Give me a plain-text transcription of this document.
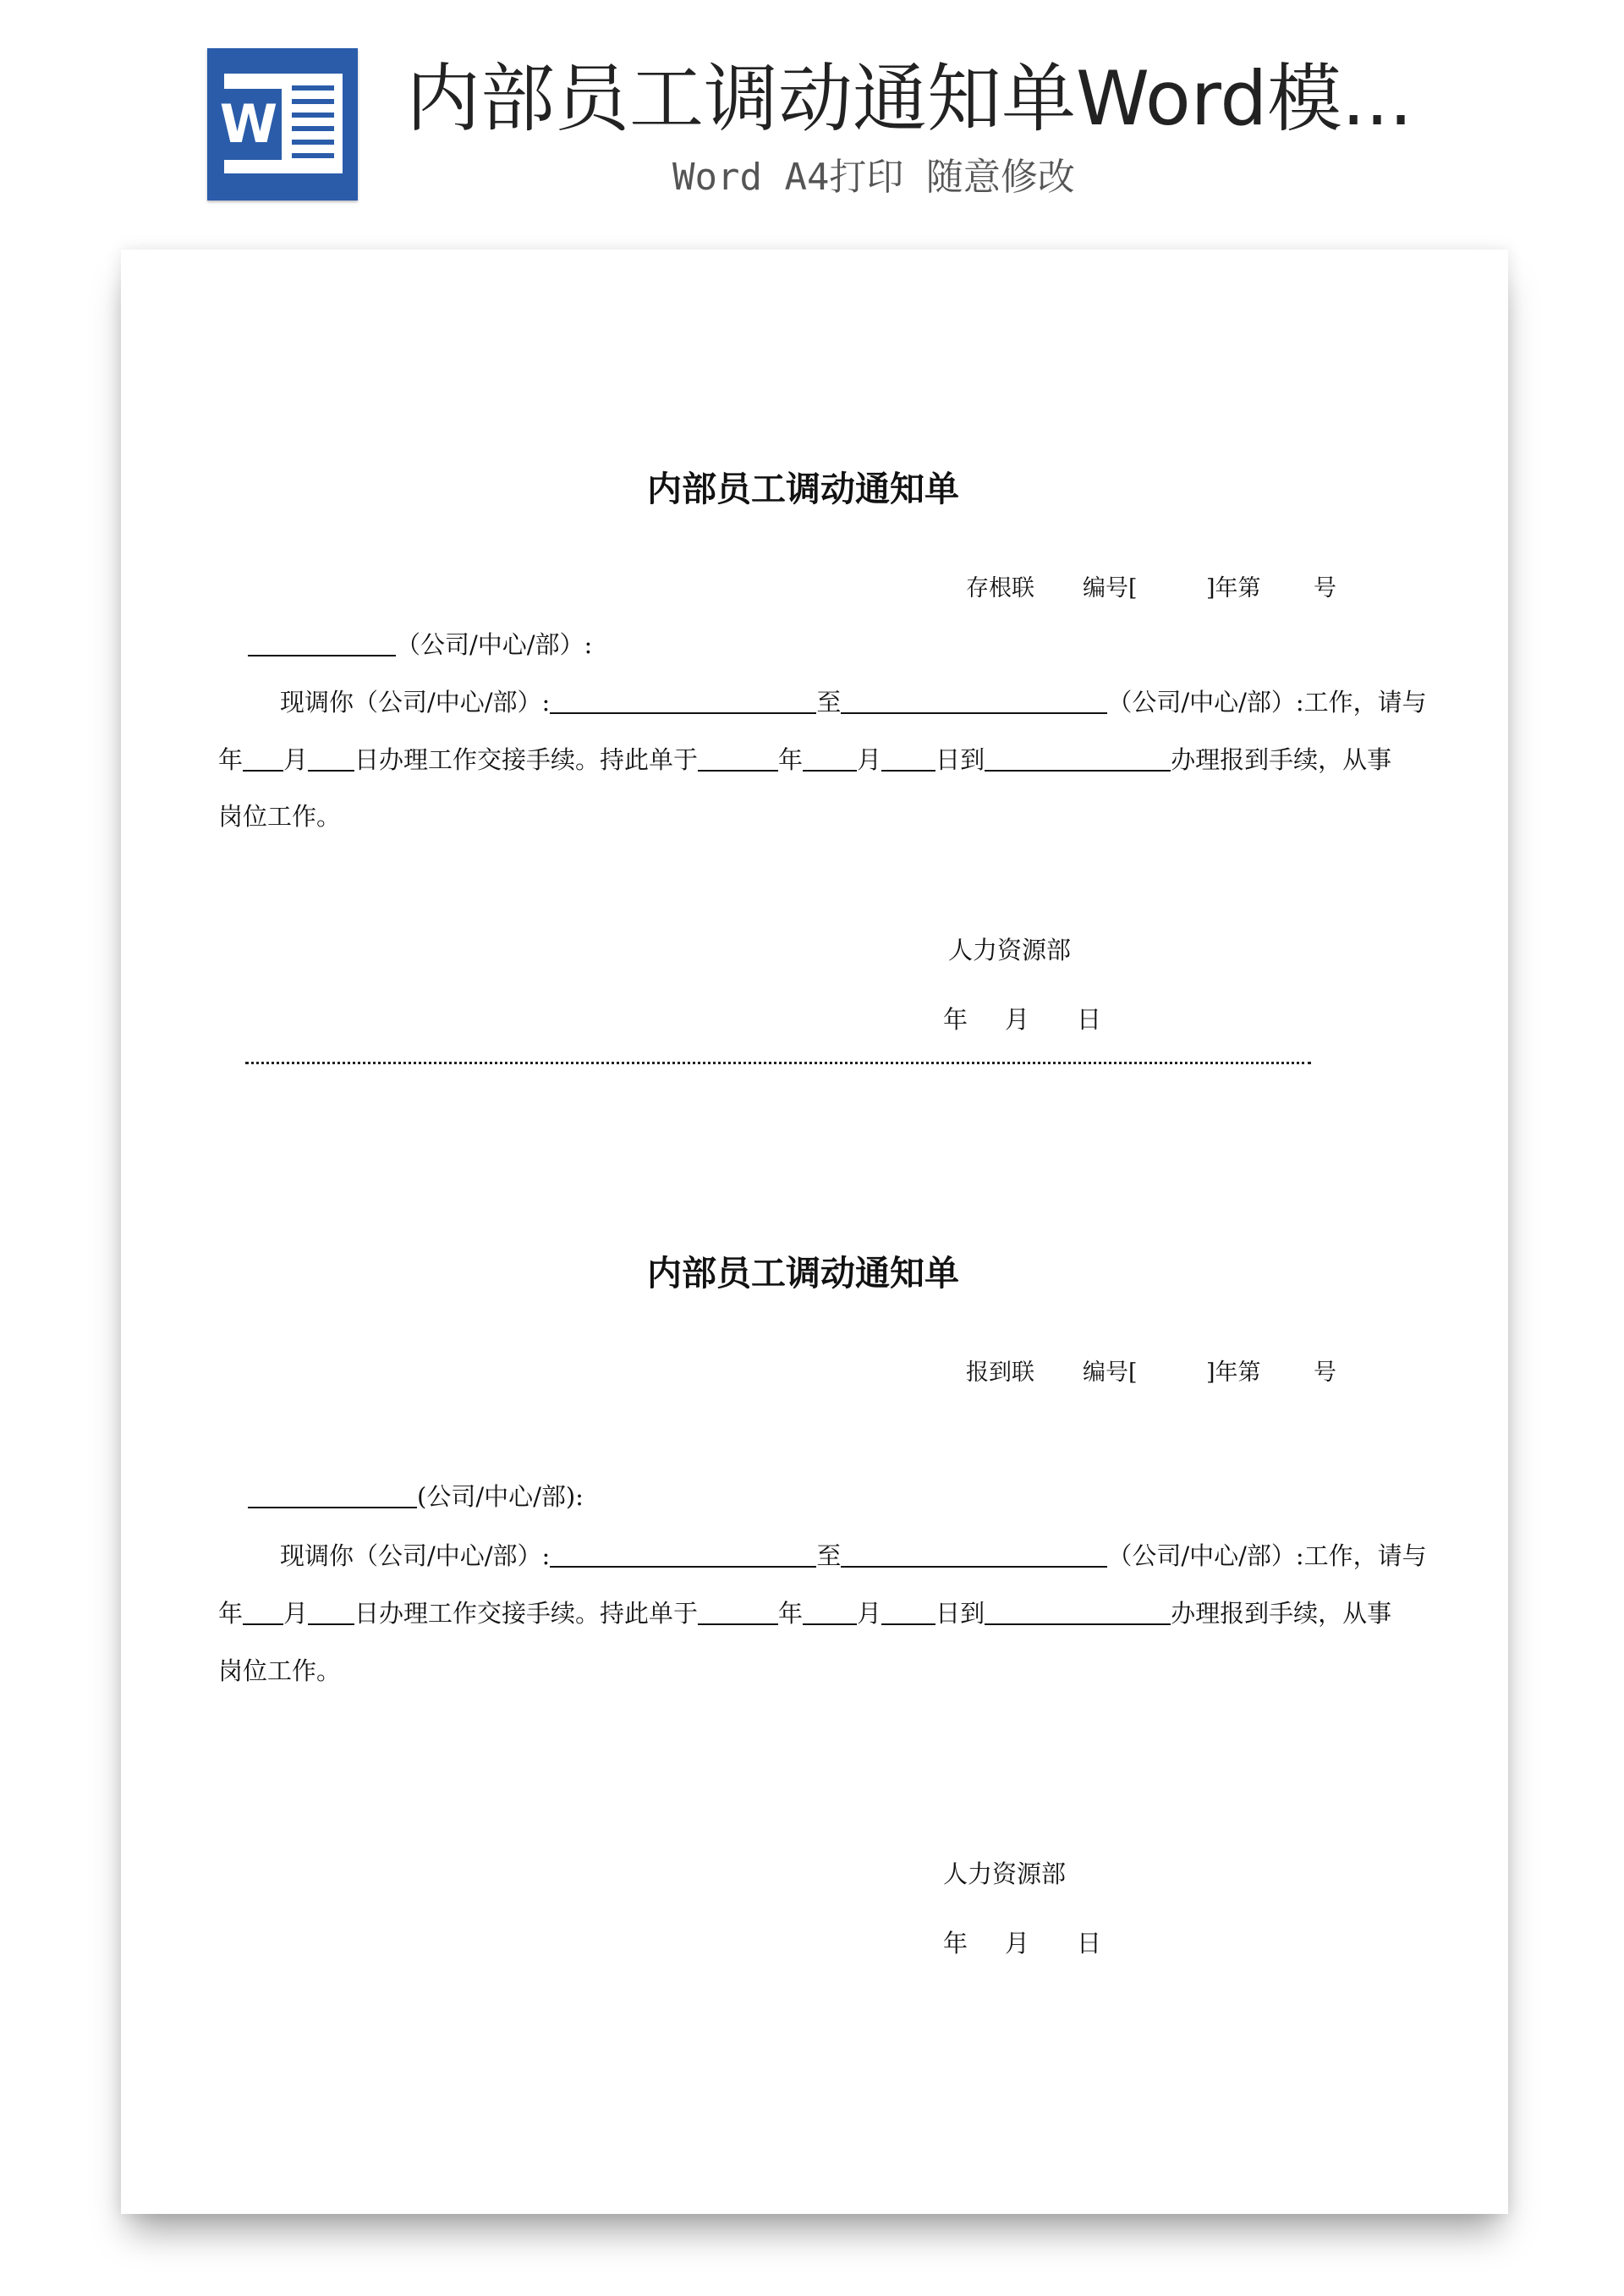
W 内部员工调动通知单Word模...
Word A4打印 随意修改
内部员工调动通知单
存根联 编号[	]年第 号
（公司/中心/部）:
现调你（公司/中心/部）:	至	（公司/中心/部）:工作，请与
年 月 日办理工作交接手续。持此单于	年 月 日到	办理报到手续，从事
岗位工作。
人力资源部
年 月 日
内部员工调动通知单
报到联 编号[	]年第 号
(公司/中心/部):
现调你（公司/中心/部）:	至	（公司/中心/部）:工作，请与
年 月 日办理工作交接手续。持此单于	年 月 日到	办理报到手续，从事
岗位工作。
人力资源部
年 月 日
